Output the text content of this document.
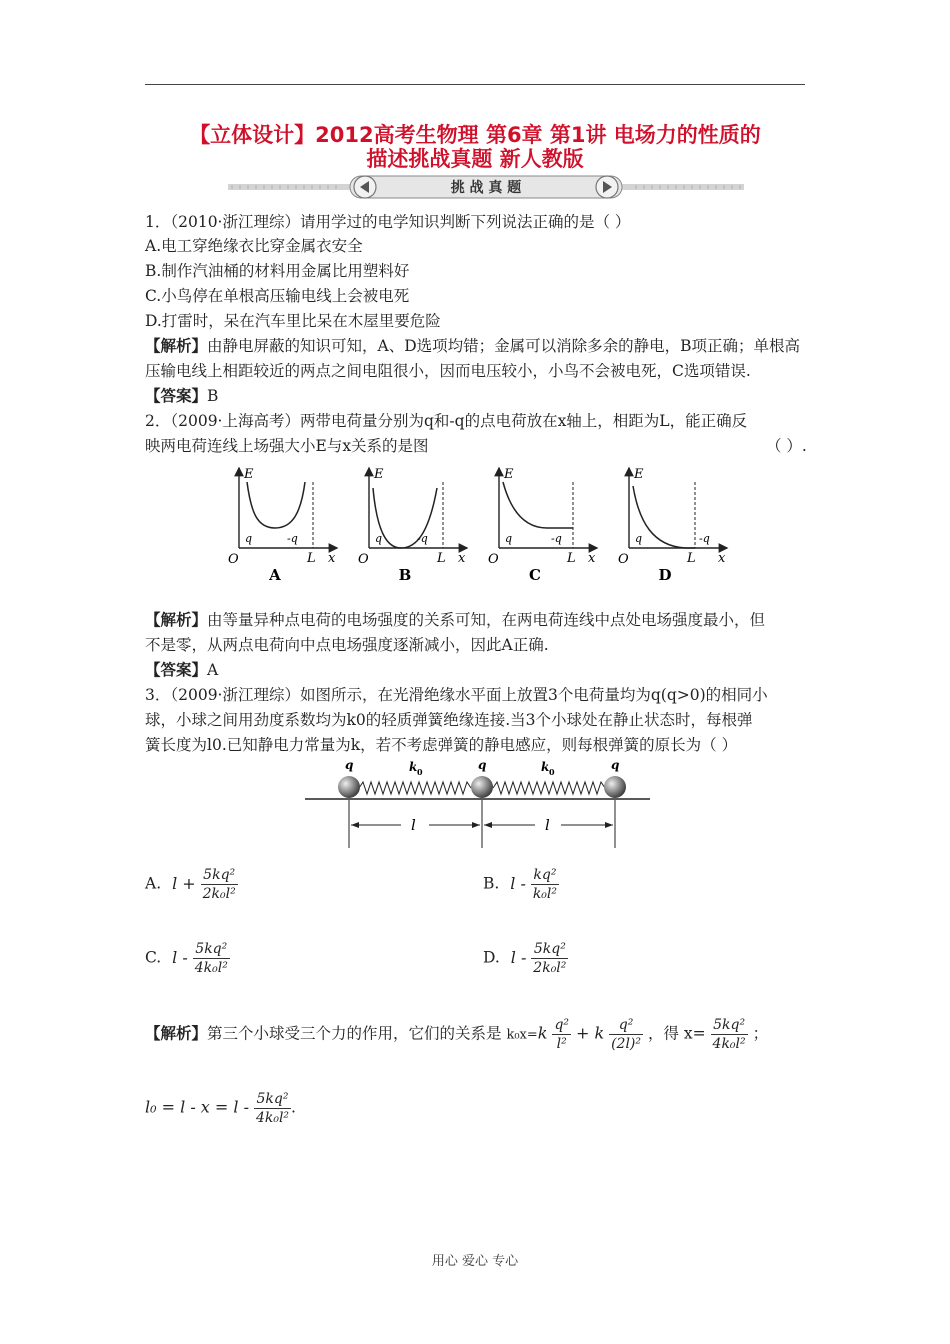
【立体设计】2012高考生物理 第6章 第1讲 电场力的性质的
描述挑战真题 新人教版
挑 战 真 题
1．（2010·浙江理综）请用学过的电学知识判断下列说法正确的是（ ）
A.电工穿绝缘衣比穿金属衣安全
B.制作汽油桶的材料用金属比用塑料好
C.小鸟停在单根高压输电线上会被电死
D.打雷时，呆在汽车里比呆在木屋里要危险
【解析】由静电屏蔽的知识可知，A、D选项均错；金属可以消除多余的静电，B项正确；单根高
压输电线上相距较近的两点之间电阻很小，因而电压较小，小鸟不会被电死，C选项错误.
【答案】B
2．（2009·上海高考）两带电荷量分别为q和-q的点电荷放在x轴上，相距为L，能正确反
映两电荷连线上场强大小E与x关系的是图	（ ）.
E
x
O
q	-q
L
A
E
x
O
q	-q
L
B
E
x
O
q	-q
L
C
E
x
O
q	-q
L
D
【解析】由等量异种点电荷的电场强度的关系可知，在两电荷连线中点处电场强度最小，但
不是零，从两点电荷向中点电场强度逐渐减小，因此A正确.
【答案】A
3．（2009·浙江理综）如图所示，在光滑绝缘水平面上放置3个电荷量均为q(q>0)的相同小
球，小球之间用劲度系数均为k0的轻质弹簧绝缘连接.当3个小球处在静止状态时，每根弹
簧长度为l0.已知静电力常量为k，若不考虑弹簧的静电感应，则每根弹簧的原长为（ ）
q	q	q
k 0	k 0
l	l
A. $l + \frac{\text{5kq²}}{\text{2k₀l²}}$	B. l - $\frac{\text{kq²}}{\text{k₀l²}}$
C. l - $\frac{\text{5kq²}}{\text{4k₀l²}}$	D. l - $\frac{\text{5kq²}}{\text{2k₀l²}}$
【解析】第三个小球受三个力的作用，它们的关系是 $k_0x=k \frac{\text{q²}}{\text{l²}} + k \frac{\text{q²}}{\text{(2l)²}}$ ，得 $x= \frac{\text{5kq²}}{\text{4k₀l²}}$ ；
$l_0 = l - x = l - \frac{\text{5kq²}}{\text{4k₀l²}}$ .
用心 爱心 专心
